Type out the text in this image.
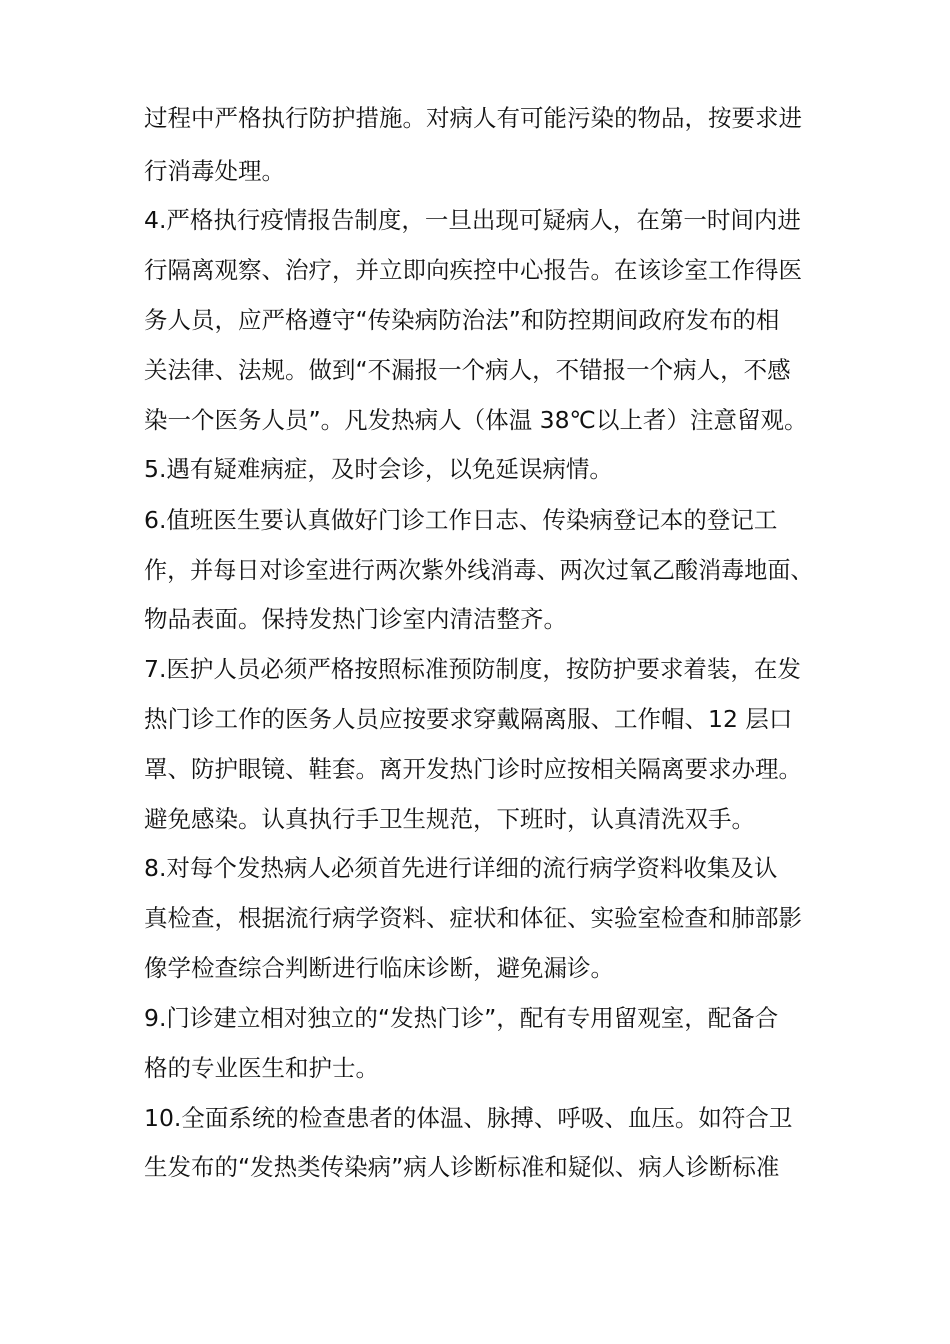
过程中严格执行防护措施。对病人有可能污染的物品，按要求进
行消毒处理。
4.严格执行疫情报告制度，一旦出现可疑病人，在第一时间内进
行隔离观察、治疗，并立即向疾控中心报告。在该诊室工作得医
务人员，应严格遵守“传染病防治法”和防控期间政府发布的相
关法律、法规。做到“不漏报一个病人，不错报一个病人，不感
染一个医务人员”。凡发热病人（体温 38℃以上者）注意留观。
5.遇有疑难病症，及时会诊，以免延误病情。
6.值班医生要认真做好门诊工作日志、传染病登记本的登记工
作，并每日对诊室进行两次紫外线消毒、两次过氧乙酸消毒地面、
物品表面。保持发热门诊室内清洁整齐。
7.医护人员必须严格按照标准预防制度，按防护要求着装，在发
热门诊工作的医务人员应按要求穿戴隔离服、工作帽、12 层口
罩、防护眼镜、鞋套。离开发热门诊时应按相关隔离要求办理。
避免感染。认真执行手卫生规范，下班时，认真清洗双手。
8.对每个发热病人必须首先进行详细的流行病学资料收集及认
真检查，根据流行病学资料、症状和体征、实验室检查和肺部影
像学检查综合判断进行临床诊断，避免漏诊。
9.门诊建立相对独立的“发热门诊”，配有专用留观室，配备合
格的专业医生和护士。
10.全面系统的检查患者的体温、脉搏、呼吸、血压。如符合卫
生发布的“发热类传染病”病人诊断标准和疑似、病人诊断标准
